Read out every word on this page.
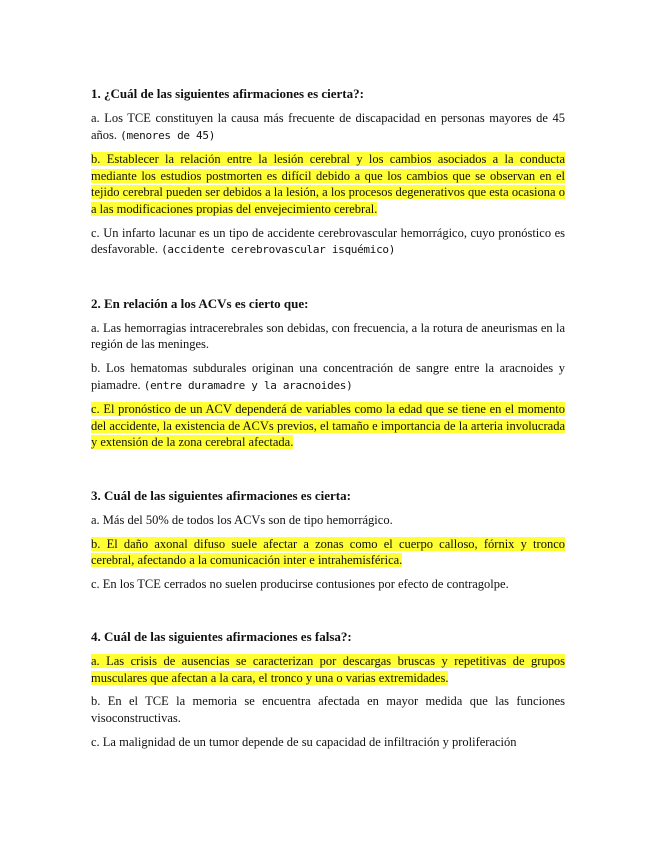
1. ¿Cuál de las siguientes afirmaciones es cierta?:

a. Los TCE constituyen la causa más frecuente de discapacidad en personas mayores de 45 años. (menores de 45)

b. Establecer la relación entre la lesión cerebral y los cambios asociados a la conducta mediante los estudios postmorten es difícil debido a que los cambios que se observan en el tejido cerebral pueden ser debidos a la lesión, a los procesos degenerativos que esta ocasiona o a las modificaciones propias del envejecimiento cerebral.

c. Un infarto lacunar es un tipo de accidente cerebrovascular hemorrágico, cuyo pronóstico es desfavorable. (accidente cerebrovascular isquémico)

2. En relación a los ACVs es cierto que:

a. Las hemorragias intracerebrales son debidas, con frecuencia, a la rotura de aneurismas en la región de las meninges.

b. Los hematomas subdurales originan una concentración de sangre entre la aracnoides y piamadre. (entre duramadre y la aracnoides)

c. El pronóstico de un ACV dependerá de variables como la edad que se tiene en el momento del accidente, la existencia de ACVs previos, el tamaño e importancia de la arteria involucrada y extensión de la zona cerebral afectada.

3. Cuál de las siguientes afirmaciones es cierta:

a. Más del 50% de todos los ACVs son de tipo hemorrágico.

b. El daño axonal difuso suele afectar a zonas como el cuerpo calloso, fórnix y tronco cerebral, afectando a la comunicación inter e intrahemisférica.

c. En los TCE cerrados no suelen producirse contusiones por efecto de contragolpe.

4. Cuál de las siguientes afirmaciones es falsa?:

a. Las crisis de ausencias se caracterizan por descargas bruscas y repetitivas de grupos musculares que afectan a la cara, el tronco y una o varias extremidades.

b. En el TCE la memoria se encuentra afectada en mayor medida que las funciones visoconstructivas.

c. La malignidad de un tumor depende de su capacidad de infiltración y proliferación
